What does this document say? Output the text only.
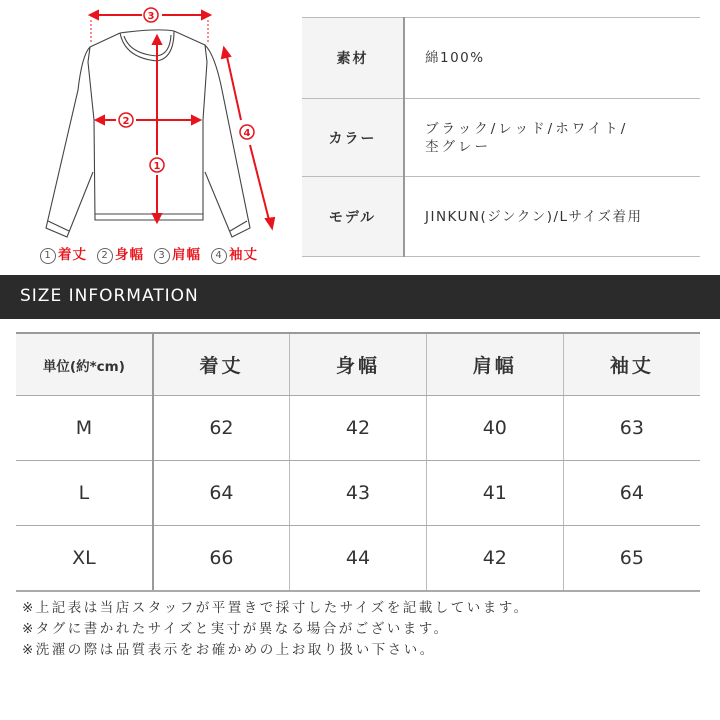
3
2
1
4
1 着丈	2 身幅	3 肩幅	4 袖丈
素材	綿100%
カラー	ブラック/レッド/ホワイト/
杢グレー

モデル	JINKUN(ジンクン)/Lサイズ着用
SIZE INFORMATION
単位(約*cm)	着丈	身幅	肩幅	袖丈
M	62	42	40	63
L	64	43	41	64
XL	66	44	42	65
※上記表は当店スタッフが平置きで採寸したサイズを記載しています。
※タグに書かれたサイズと実寸が異なる場合がございます。
※洗濯の際は品質表示をお確かめの上お取り扱い下さい。
